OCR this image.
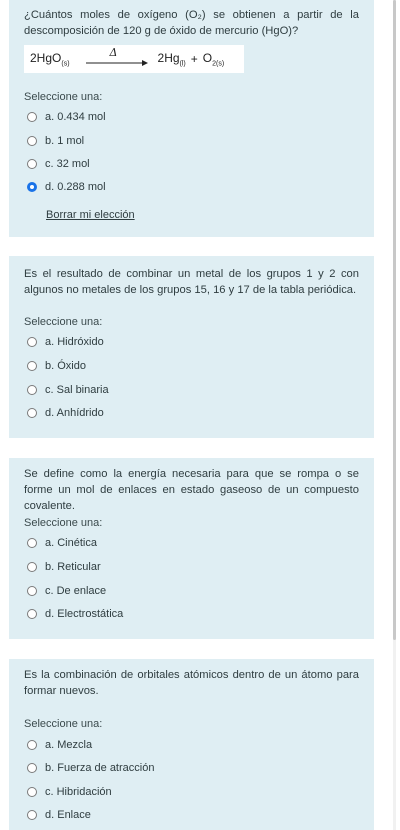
¿Cuántos moles de oxígeno (O₂) se obtienen a partir de la descomposición de 120 g de óxido de mercurio (HgO)?
2HgO$_{(s)}$
Δ	$2Hg_{(l)} + O_{2(s)}$
Seleccione una:
a. 0.434 mol
b. 1 mol
c. 32 mol
d. 0.288 mol
Borrar mi elección
Es el resultado de combinar un metal de los grupos 1 y 2 con algunos no metales de los grupos 15, 16 y 17 de la tabla periódica.
Seleccione una:
a. Hidróxido
b. Óxido
c. Sal binaria
d. Anhídrido
Se define como la energía necesaria para que se rompa o se forme un mol de enlaces en estado gaseoso de un compuesto covalente.
Seleccione una:
a. Cinética
b. Reticular
c. De enlace
d. Electrostática
Es la combinación de orbitales atómicos dentro de un átomo para formar nuevos.
Seleccione una:
a. Mezcla
b. Fuerza de atracción
c. Hibridación
d. Enlace
